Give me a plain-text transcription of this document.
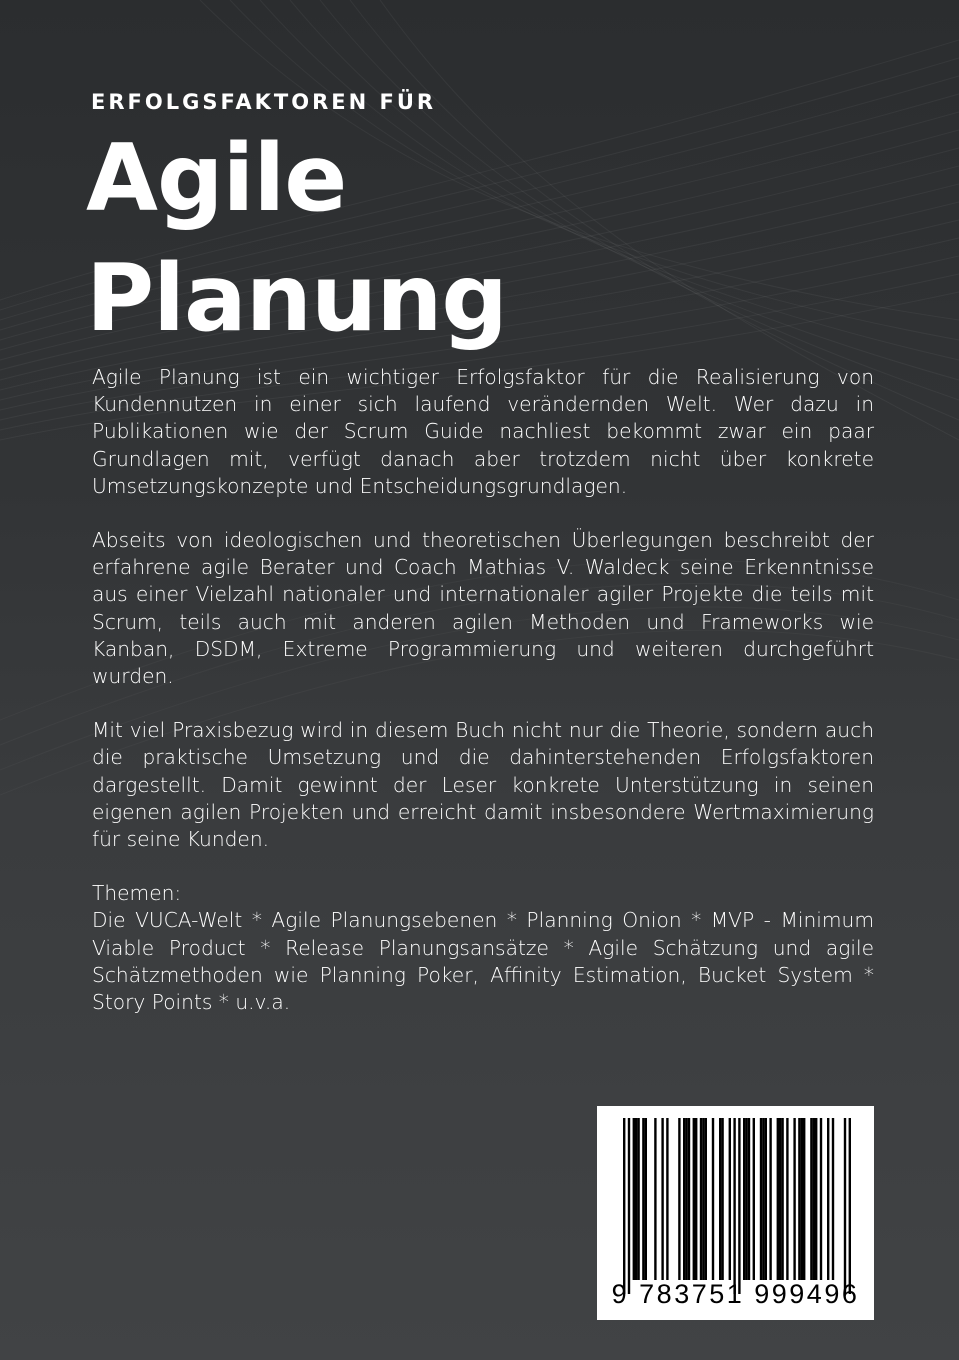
ERFOLGSFAKTOREN FÜR
Agile
Planung

Agile Planung ist ein wichtiger Erfolgsfaktor für die Realisierung von Kundennutzen in einer sich laufend verändernden Welt. Wer dazu in Publikationen wie der Scrum Guide nachliest bekommt zwar ein paar Grundlagen mit, verfügt danach aber trotzdem nicht über konkrete Umsetzungskonzepte und Entscheidungsgrundlagen.

Abseits von ideologischen und theoretischen Überlegungen beschreibt der erfahrene agile Berater und Coach Mathias V. Waldeck seine Erkenntnisse aus einer Vielzahl nationaler und internationaler agiler Projekte die teils mit Scrum, teils auch mit anderen agilen Methoden und Frameworks wie Kanban, DSDM, Extreme Programmierung und weiteren durchgeführt wurden.

Mit viel Praxisbezug wird in diesem Buch nicht nur die Theorie, sondern auch die praktische Umsetzung und die dahinterstehenden Erfolgsfaktoren dargestellt. Damit gewinnt der Leser konkrete Unterstützung in seinen eigenen agilen Projekten und erreicht damit insbesondere Wertmaximierung für seine Kunden.

Themen:

Die VUCA-Welt * Agile Planungsebenen * Planning Onion * MVP - Minimum Viable Product * Release Planungsansätze * Agile Schätzung und agile Schätzmethoden wie Planning Poker, Affinity Estimation, Bucket System * Story Points * u.v.a.

9 783751 999496
